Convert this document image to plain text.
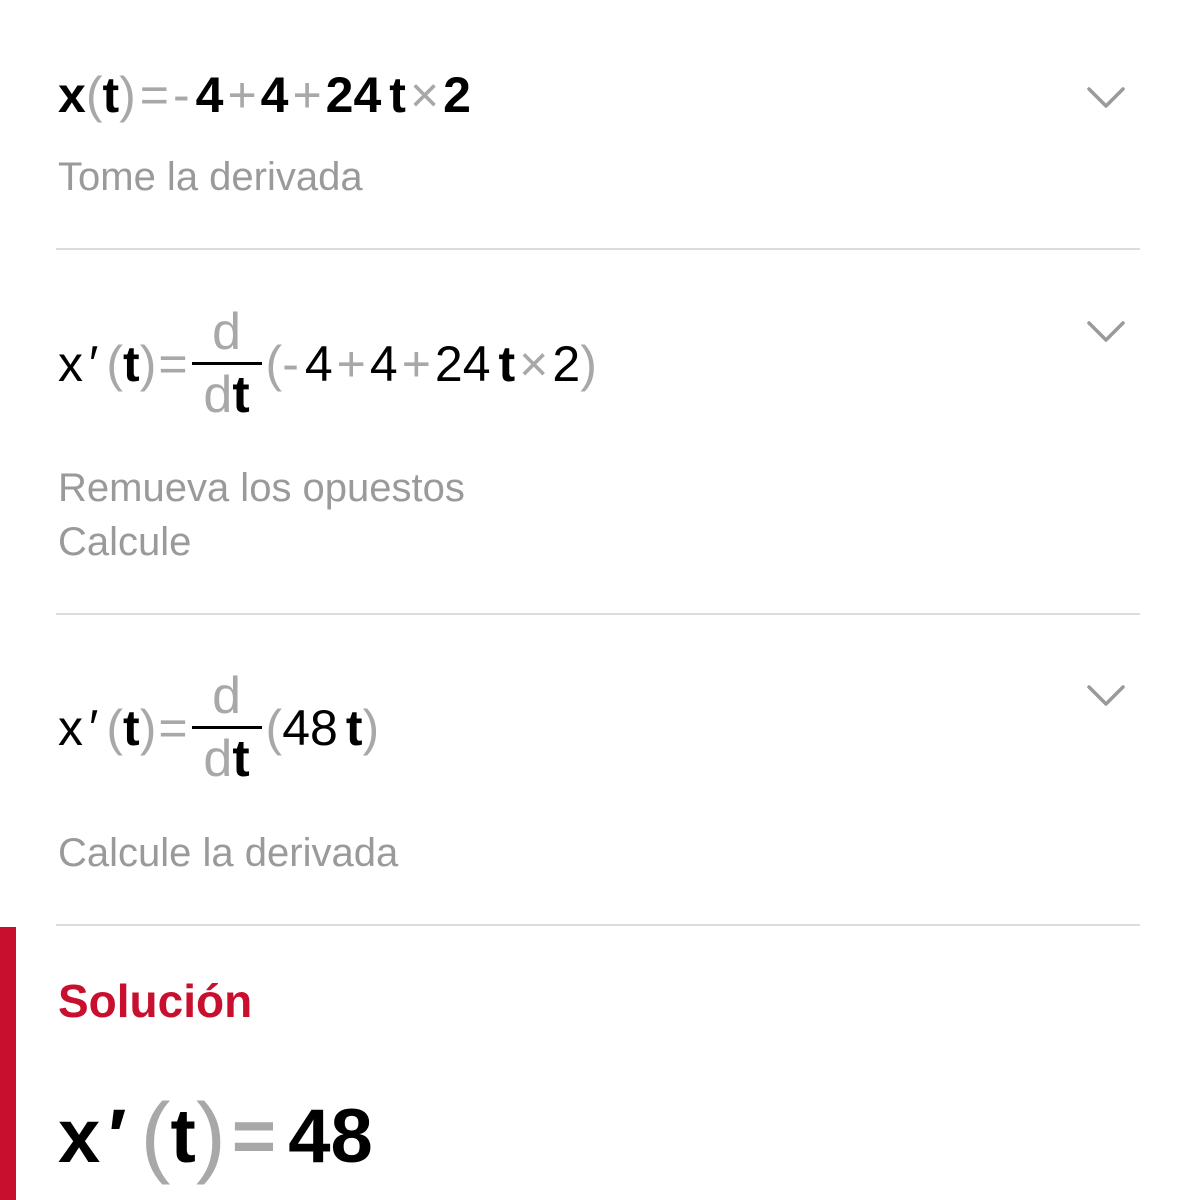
x ( t ) = - 4 + 4 + 24 t × 2
Tome la derivada
x ′ ( t ) = $\frac{d}{dt}$ ( - 4 + 4 + 24 t × 2 )
Remueva los opuestos
Calcule
x ′ ( t ) = $\frac{d}{dt}$ ( 48 t )
Calcule la derivada
Solución
x ′ ( t ) = 48
